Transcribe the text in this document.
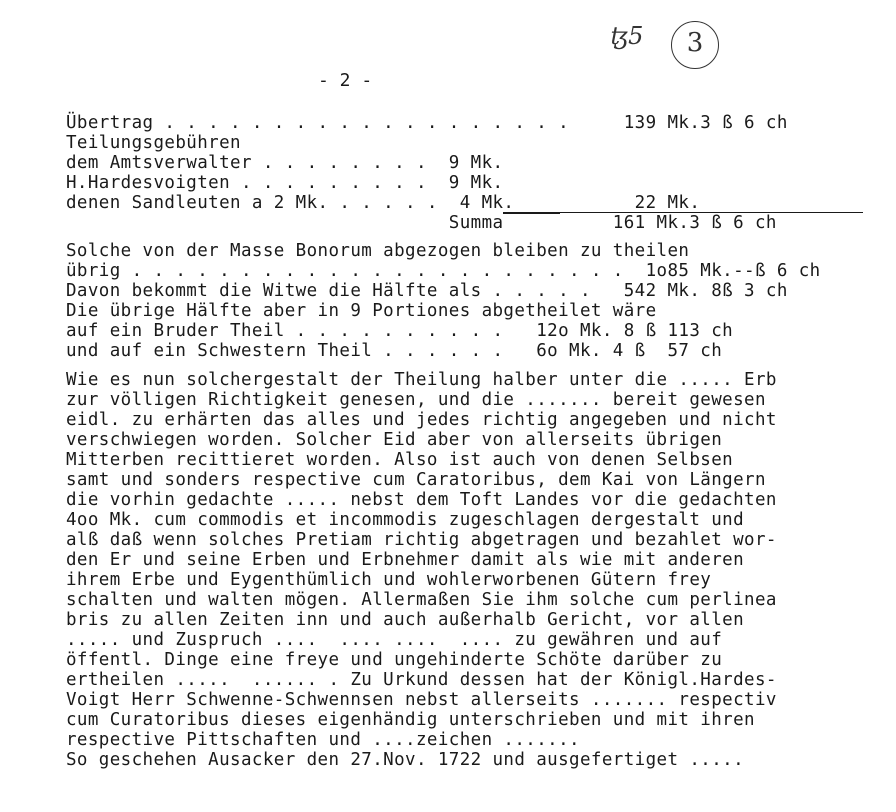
ꜩ5	3
- 2 -
Übertrag . . . . . . . . . . . . . . . . . . .     139 Mk.3 ß 6 ch
Teilungsgebühren
dem Amtsverwalter . . . . . . . .  9 Mk.
H.Hardesvoigten . . . . . . . . .  9 Mk.
denen Sandleuten a 2 Mk. . . . . .  4 Mk.           22 Mk.
Summa          161 Mk.3 ß 6 ch
Solche von der Masse Bonorum abgezogen bleiben zu theilen
übrig . . . . . . . . . . . . . . . . . . . . . . .  1o85 Mk.--ß 6 ch
Davon bekommt die Witwe die Hälfte als . . . . .   542 Mk. 8ß 3 ch
Die übrige Hälfte aber in 9 Portiones abgetheilet wäre
auf ein Bruder Theil . . . . . . . . . .   12o Mk. 8 ß 113 ch
und auf ein Schwestern Theil . . . . . .   6o Mk. 4 ß  57 ch
Wie es nun solchergestalt der Theilung halber unter die ..... Erb
zur völligen Richtigkeit genesen, und die ....... bereit gewesen
eidl. zu erhärten das alles und jedes richtig angegeben und nicht
verschwiegen worden. Solcher Eid aber von allerseits übrigen
Mitterben recittieret worden. Also ist auch von denen Selbsen
samt und sonders respective cum Caratoribus, dem Kai von Längern
die vorhin gedachte ..... nebst dem Toft Landes vor die gedachten
4oo Mk. cum commodis et incommodis zugeschlagen dergestalt und
alß daß wenn solches Pretiam richtig abgetragen und bezahlet wor-
den Er und seine Erben und Erbnehmer damit als wie mit anderen
ihrem Erbe und Eygenthümlich und wohlerworbenen Gütern frey
schalten und walten mögen. Allermaßen Sie ihm solche cum perlinea
bris zu allen Zeiten inn und auch außerhalb Gericht, vor allen
..... und Zuspruch ....  .... ....  .... zu gewähren und auf
öffentl. Dinge eine freye und ungehinderte Schöte darüber zu
ertheilen .....  ...... . Zu Urkund dessen hat der Königl.Hardes-
Voigt Herr Schwenne-Schwennsen nebst allerseits ....... respectiv
cum Curatoribus dieses eigenhändig unterschrieben und mit ihren
respective Pittschaften und ....zeichen .......
So geschehen Ausacker den 27.Nov. 1722 und ausgefertiget .....
